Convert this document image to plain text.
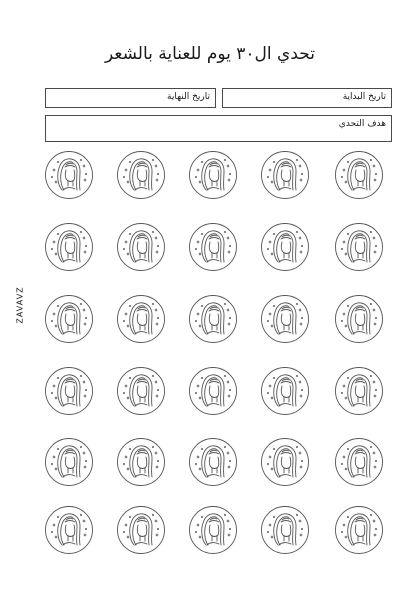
تحدي ال٣٠ يوم للعناية بالشعر
تاريخ البداية
تاريخ النهاية
هدف التحدي
ZAVAVZ
